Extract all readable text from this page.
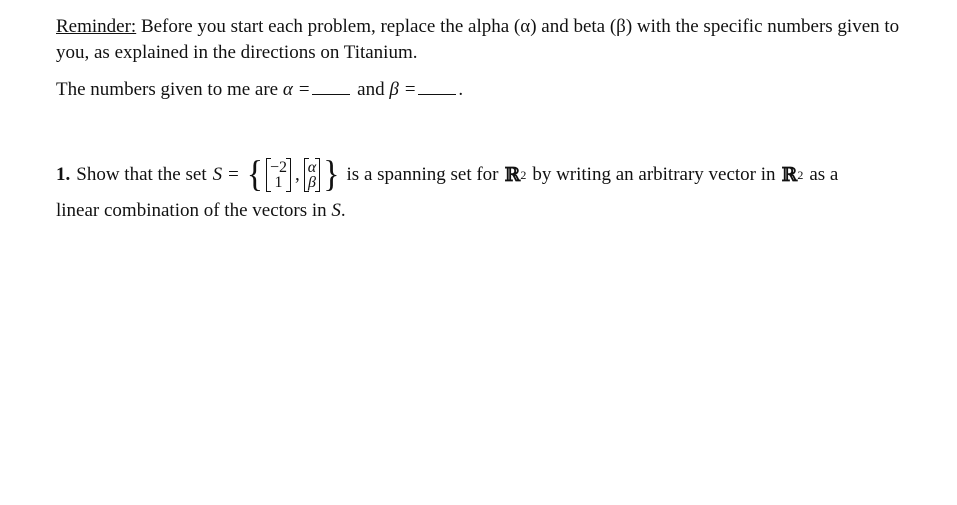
Reminder: Before you start each problem, replace the alpha (α) and beta (β) with the specific numbers given to you, as explained in the directions on Titanium.
The numbers given to me are α = and β = .
1. Show that the set S = { −2
1 , α
β } is a spanning set for ℝ 2 by writing an arbitrary vector in ℝ 2 as a
linear combination of the vectors in S.
